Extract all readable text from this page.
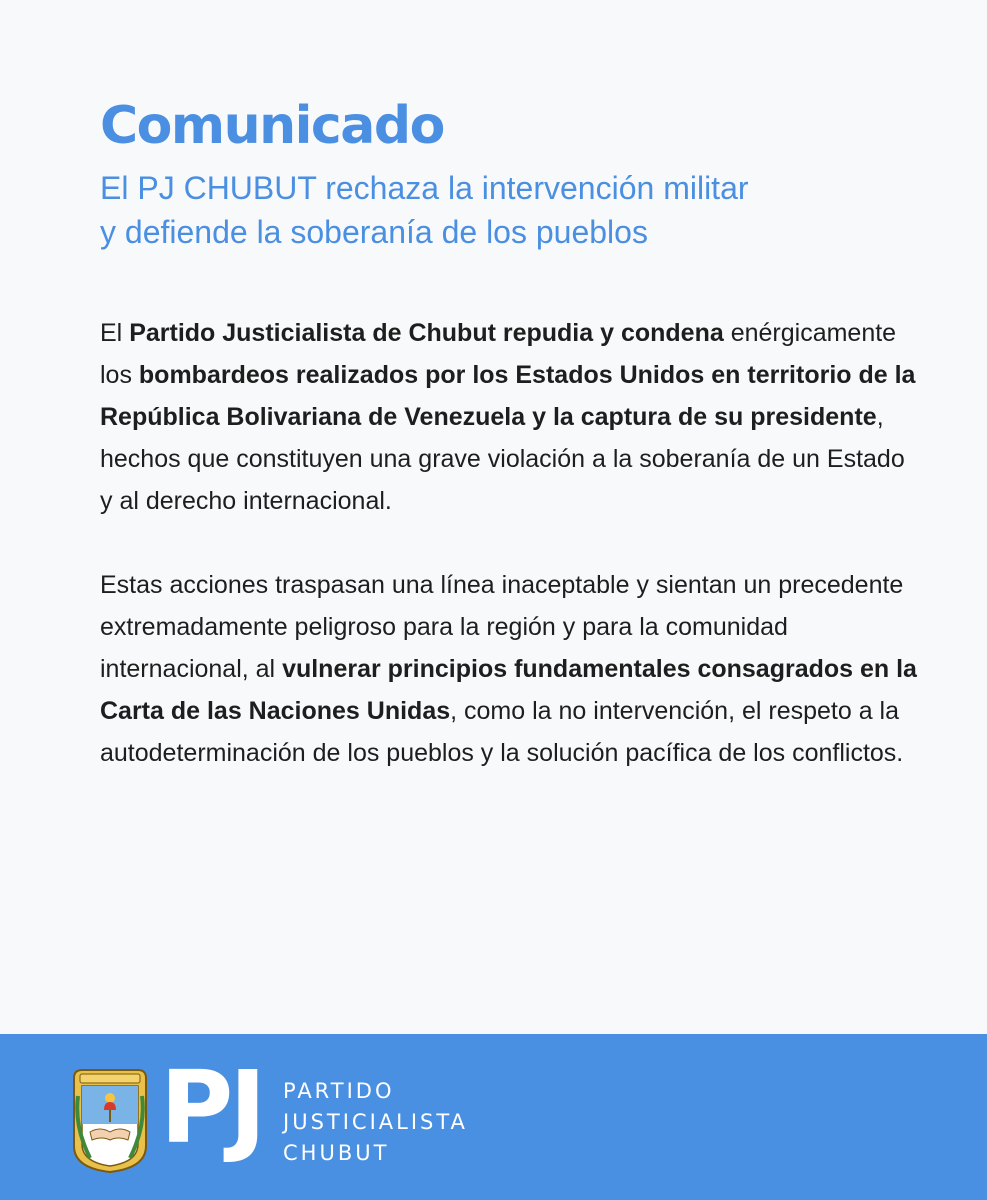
Comunicado
El PJ CHUBUT rechaza la intervención militar
y defiende la soberanía de los pueblos

El Partido Justicialista de Chubut repudia y condena enérgicamente los bombardeos realizados por los Estados Unidos en territorio de la República Bolivariana de Venezuela y la captura de su presidente, hechos que constituyen una grave violación a la soberanía de un Estado y al derecho internacional.

Estas acciones traspasan una línea inaceptable y sientan un precedente extremadamente peligroso para la región y para la comunidad internacional, al vulnerar principios fundamentales consagrados en la Carta de las Naciones Unidas, como la no intervención, el respeto a la autodeterminación de los pueblos y la solución pacífica de los conflictos.

PJ PARTIDO
JUSTICIALISTA
CHUBUT
